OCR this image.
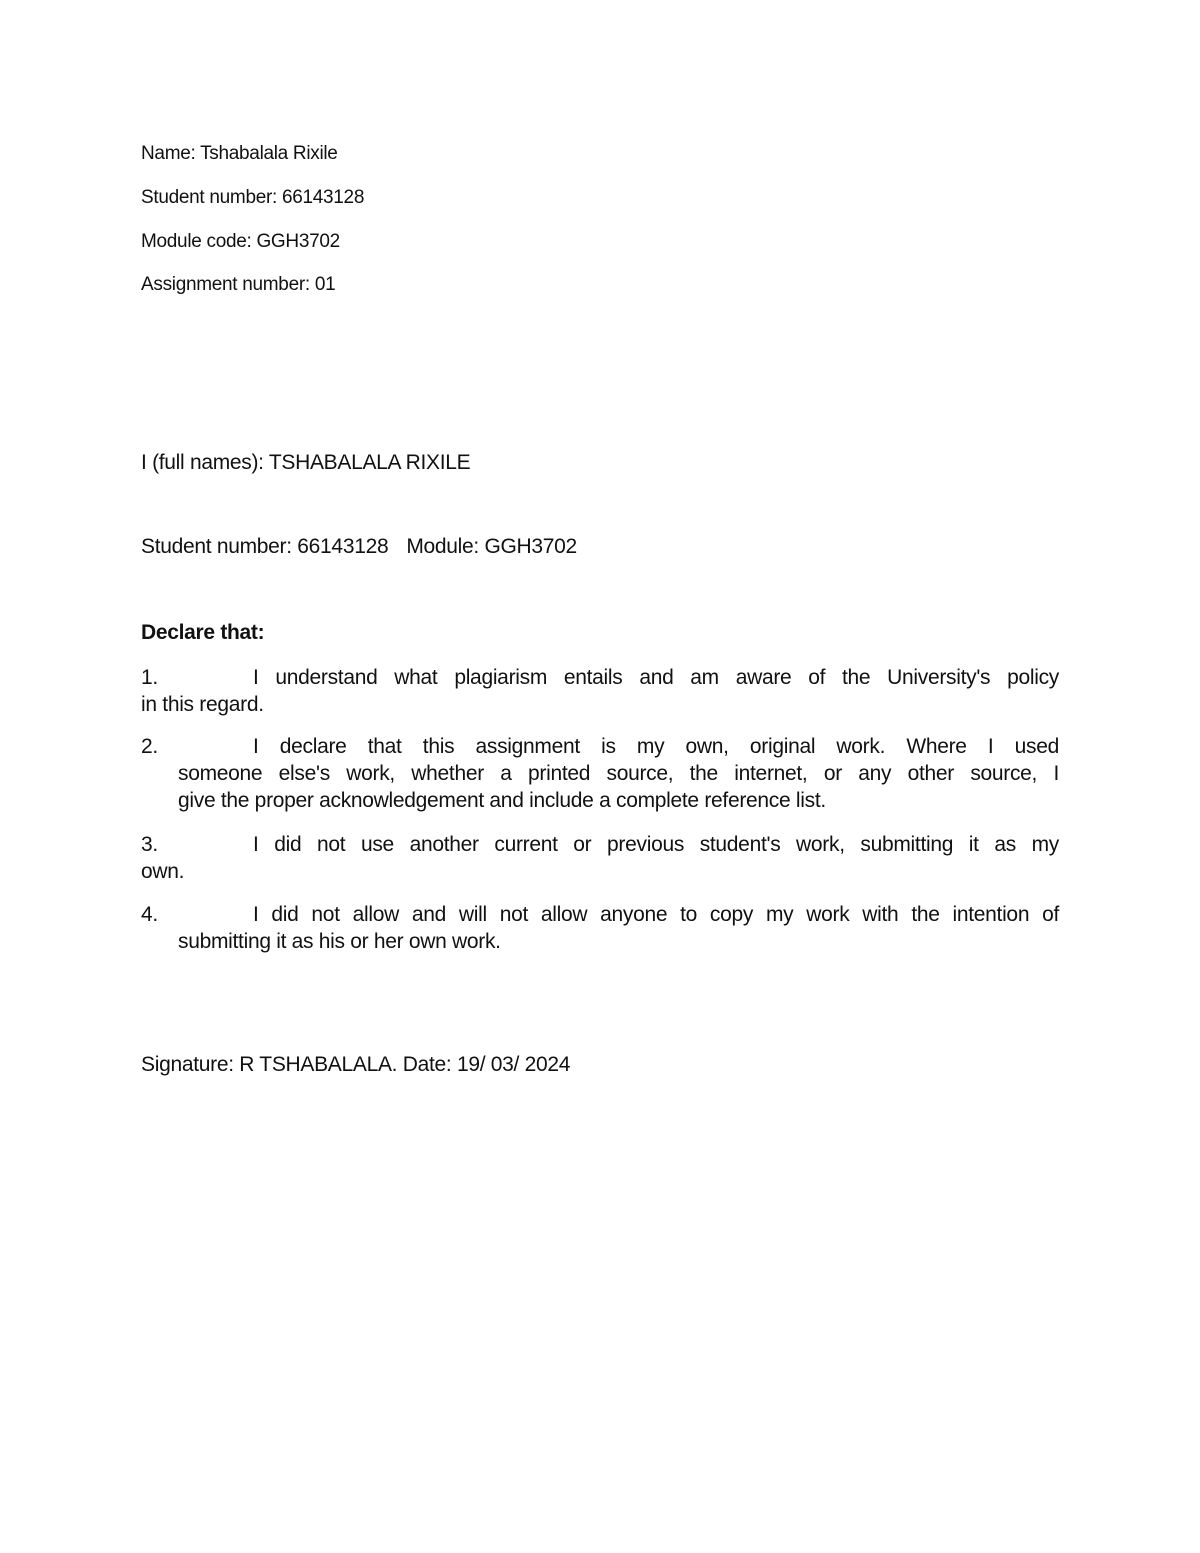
Name: Tshabalala Rixile
Student number: 66143128
Module code: GGH3702
Assignment number: 01
I (full names): TSHABALALA RIXILE
Student number: 66143128 Module: GGH3702
Declare that:
1.	I understand what plagiarism entails and am aware of the University's policy
in this regard.
2.	I declare that this assignment is my own, original work. Where I used
someone else's work, whether a printed source, the internet, or any other source, I
give the proper acknowledgement and include a complete reference list.
3.	I did not use another current or previous student's work, submitting it as my
own.
4.	I did not allow and will not allow anyone to copy my work with the intention of
submitting it as his or her own work.
Signature: R TSHABALALA. Date: 19/ 03/ 2024
